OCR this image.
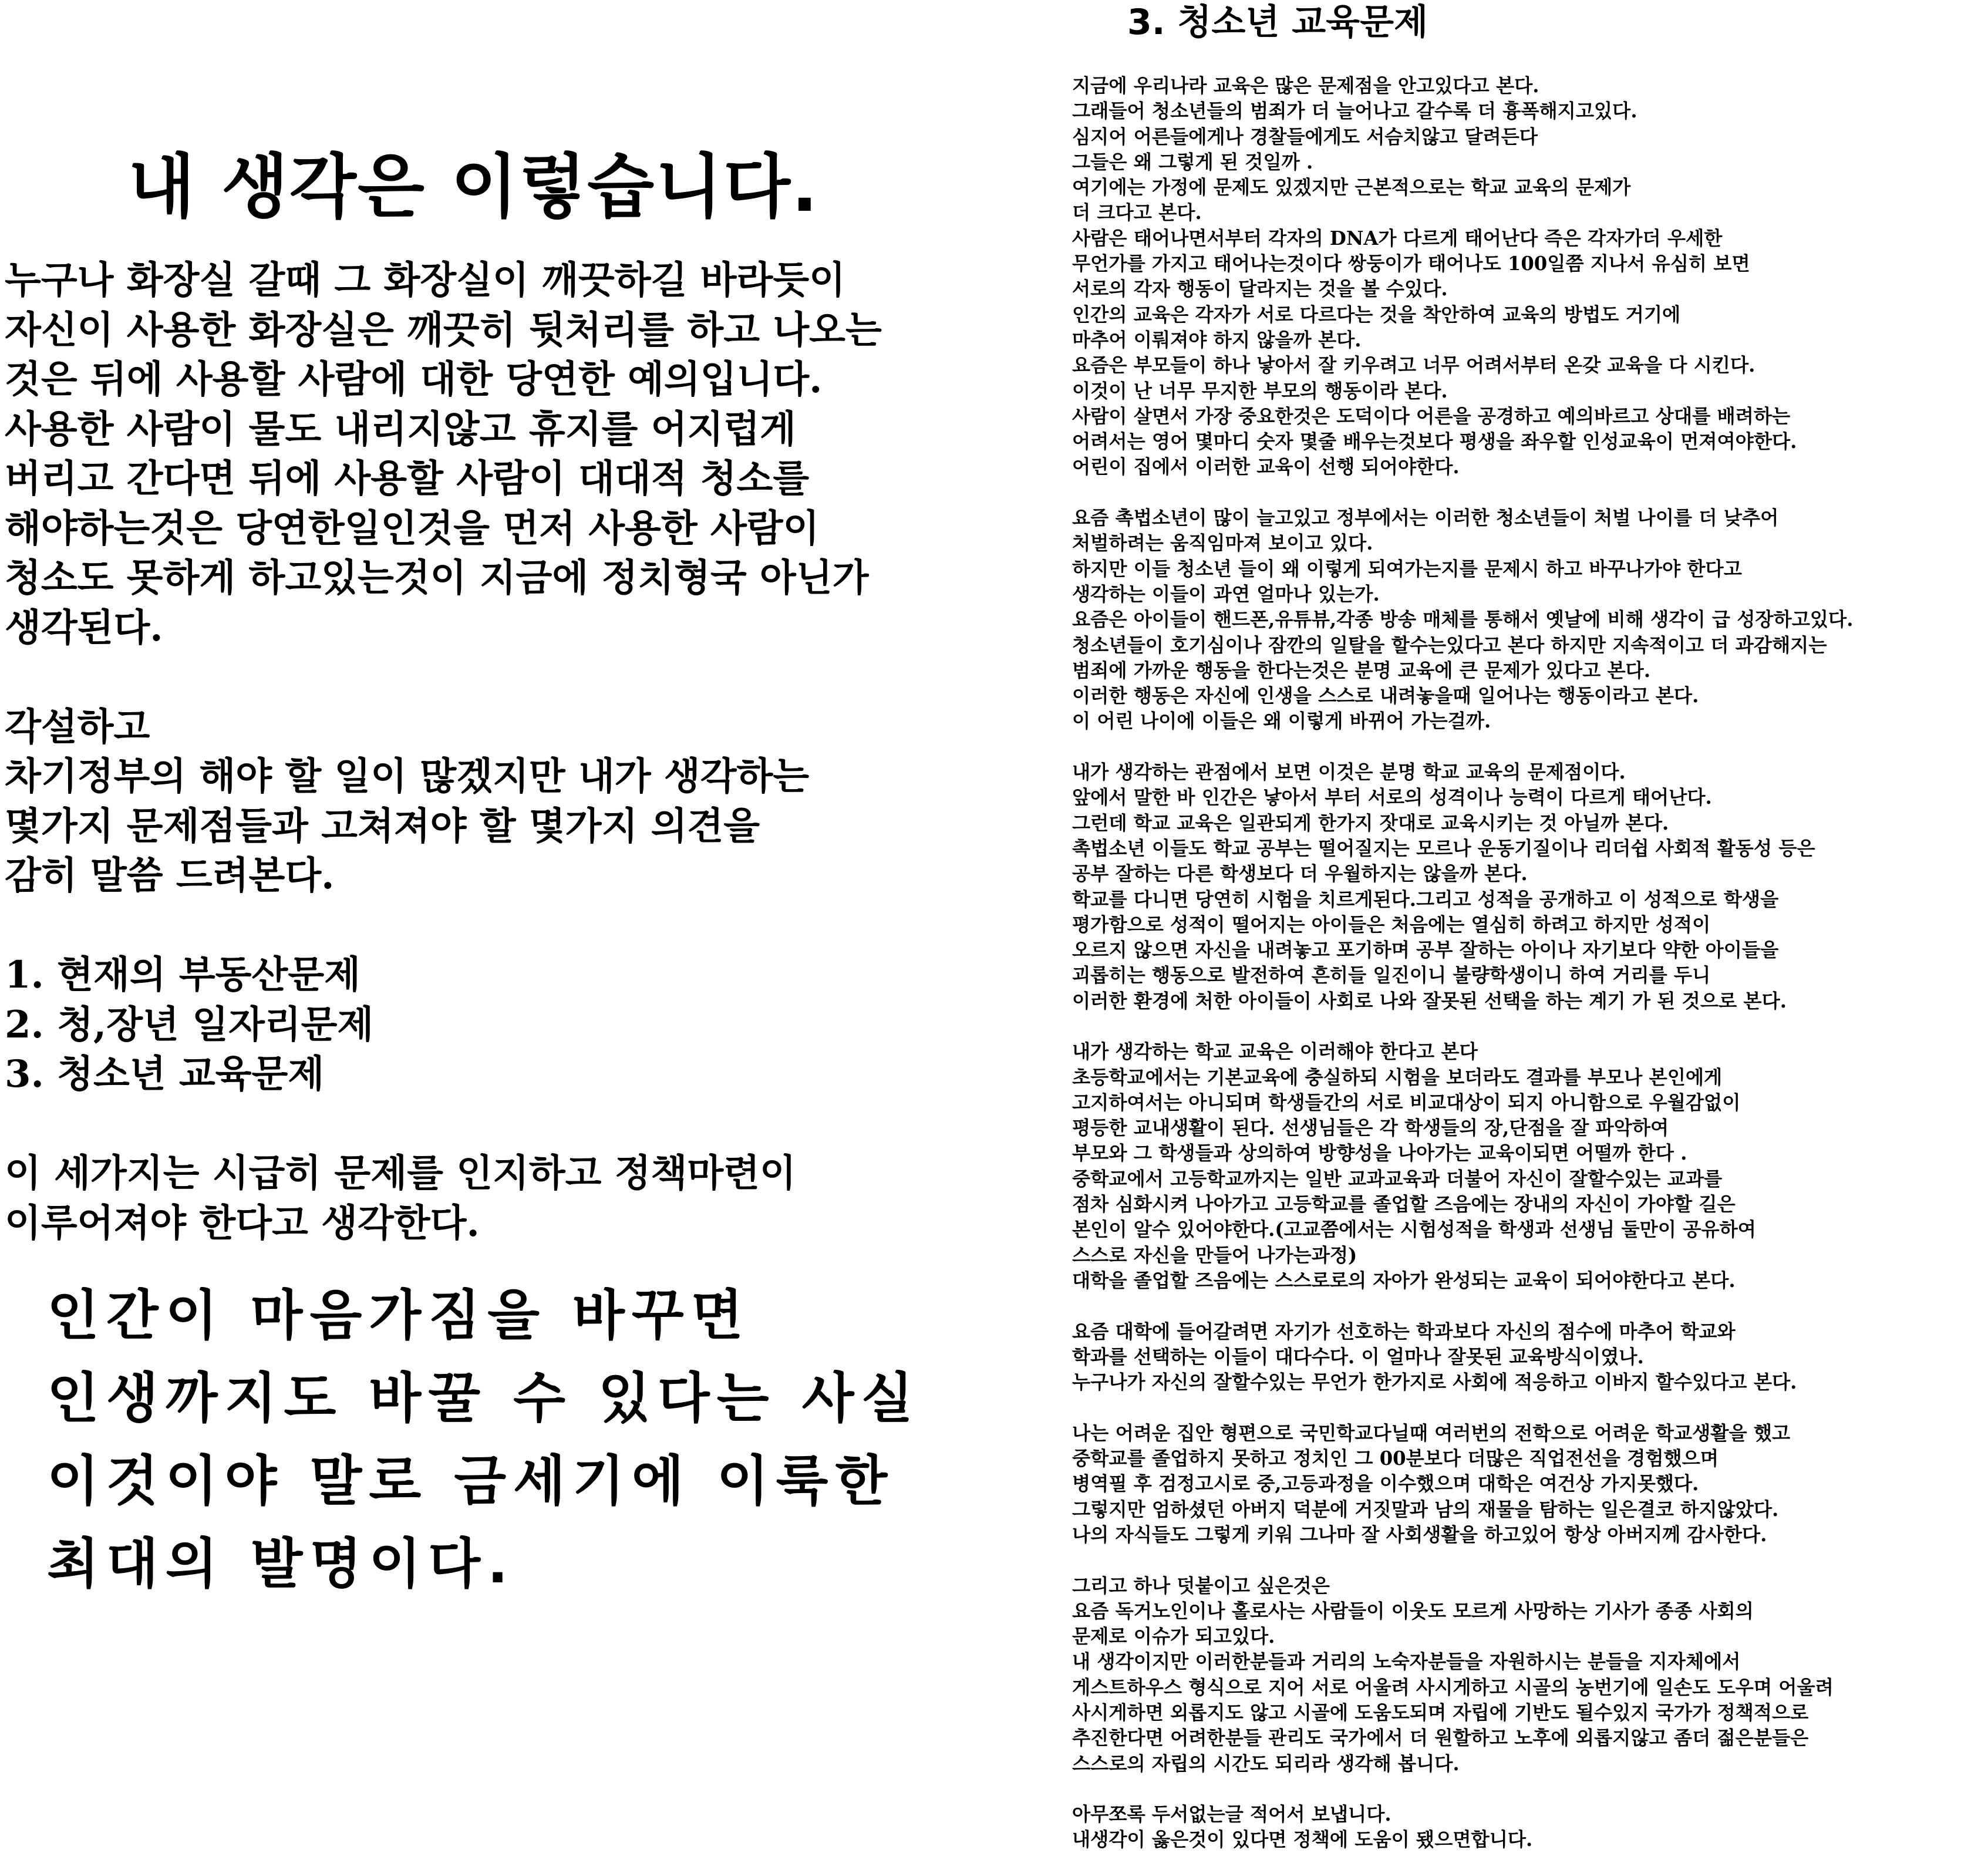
내 생각은 이렇습니다.
누구나 화장실 갈때 그 화장실이 깨끗하길 바라듯이
자신이 사용한 화장실은 깨끗히 뒷처리를 하고 나오는
것은 뒤에 사용할 사람에 대한 당연한 예의입니다.
사용한 사람이 물도 내리지않고 휴지를 어지럽게
버리고 간다면 뒤에 사용할 사람이 대대적 청소를
해야하는것은 당연한일인것을 먼저 사용한 사람이
청소도 못하게 하고있는것이 지금에 정치형국 아닌가
생각된다.
각설하고
차기정부의 해야 할 일이 많겠지만 내가 생각하는
몇가지 문제점들과 고쳐져야 할 몇가지 의견을
감히 말씀 드려본다.
1. 현재의 부동산문제
2. 청,장년 일자리문제
3. 청소년 교육문제
이 세가지는 시급히 문제를 인지하고 정책마련이
이루어져야 한다고 생각한다.
인간이 마음가짐을 바꾸면
인생까지도 바꿀 수 있다는 사실
이것이야 말로 금세기에 이룩한
최대의 발명이다.
3. 청소년 교육문제
지금에 우리나라 교육은 많은 문제점을 안고있다고 본다.
그래들어 청소년들의 범죄가 더 늘어나고 갈수록 더 흉폭해지고있다.
심지어 어른들에게나 경찰들에게도 서슴치않고 달려든다
그들은 왜 그렇게 된 것일까 .
여기에는 가정에 문제도 있겠지만 근본적으로는 학교 교육의 문제가
더 크다고 본다.
사람은 태어나면서부터 각자의 DNA가 다르게 태어난다 즉은 각자가더 우세한
무언가를 가지고 태어나는것이다 쌍둥이가 태어나도 100일쯤 지나서 유심히 보면
서로의 각자 행동이 달라지는 것을 볼 수있다.
인간의 교육은 각자가 서로 다르다는 것을 착안하여 교육의 방법도 거기에
마추어 이뤄져야 하지 않을까 본다.
요즘은 부모들이 하나 낳아서 잘 키우려고 너무 어려서부터 온갖 교육을 다 시킨다.
이것이 난 너무 무지한 부모의 행동이라 본다.
사람이 살면서 가장 중요한것은 도덕이다 어른을 공경하고 예의바르고 상대를 배려하는
어려서는 영어 몇마디 숫자 몇줄 배우는것보다 평생을 좌우할 인성교육이 먼져여야한다.
어린이 집에서 이러한 교육이 선행 되어야한다.
요즘 촉법소년이 많이 늘고있고 정부에서는 이러한 청소년들이 처벌 나이를 더 낮추어
처벌하려는 움직임마져 보이고 있다.
하지만 이들 청소년 들이 왜 이렇게 되여가는지를 문제시 하고 바꾸나가야 한다고
생각하는 이들이 과연 얼마나 있는가.
요즘은 아이들이 핸드폰,유튜뷰,각종 방송 매체를 통해서 옛날에 비해 생각이 급 성장하고있다.
청소년들이 호기심이나 잠깐의 일탈을 할수는있다고 본다 하지만 지속적이고 더 과감해지는
범죄에 가까운 행동을 한다는것은 분명 교육에 큰 문제가 있다고 본다.
이러한 행동은 자신에 인생을 스스로 내려놓을때 일어나는 행동이라고 본다.
이 어린 나이에 이들은 왜 이렇게 바뀌어 가는걸까.
내가 생각하는 관점에서 보면 이것은 분명 학교 교육의 문제점이다.
앞에서 말한 바 인간은 낳아서 부터 서로의 성격이나 능력이 다르게 태어난다.
그런데 학교 교육은 일관되게 한가지 잣대로 교육시키는 것 아닐까 본다.
촉법소년 이들도 학교 공부는 떨어질지는 모르나 운동기질이나 리더쉽 사회적 활동성 등은
공부 잘하는 다른 학생보다 더 우월하지는 않을까 본다.
학교를 다니면 당연히 시험을 치르게된다.그리고 성적을 공개하고 이 성적으로 학생을
평가함으로 성적이 떨어지는 아이들은 처음에는 열심히 하려고 하지만 성적이
오르지 않으면 자신을 내려놓고 포기하며 공부 잘하는 아이나 자기보다 약한 아이들을
괴롭히는 행동으로 발전하여 흔히들 일진이니 불량학생이니 하여 거리를 두니
이러한 환경에 처한 아이들이 사회로 나와 잘못된 선택을 하는 계기 가 된 것으로 본다.
내가 생각하는 학교 교육은 이러해야 한다고 본다
초등학교에서는 기본교육에 충실하되 시험을 보더라도 결과를 부모나 본인에게
고지하여서는 아니되며 학생들간의 서로 비교대상이 되지 아니함으로 우월감없이
평등한 교내생활이 된다. 선생님들은 각 학생들의 장,단점을 잘 파악하여
부모와 그 학생들과 상의하여 방향성을 나아가는 교육이되면 어떨까 한다 .
중학교에서 고등학교까지는 일반 교과교육과 더불어 자신이 잘할수있는 교과를
점차 심화시켜 나아가고 고등학교를 졸업할 즈음에는 장내의 자신이 가야할 길은
본인이 알수 있어야한다.(고교쯤에서는 시험성적을 학생과 선생님 둘만이 공유하여
스스로 자신을 만들어 나가는과정)
대학을 졸업할 즈음에는 스스로로의 자아가 완성되는 교육이 되어야한다고 본다.
요즘 대학에 들어갈려면 자기가 선호하는 학과보다 자신의 점수에 마추어 학교와
학과를 선택하는 이들이 대다수다. 이 얼마나 잘못된 교육방식이였나.
누구나가 자신의 잘할수있는 무언가 한가지로 사회에 적응하고 이바지 할수있다고 본다.
나는 어려운 집안 형편으로 국민학교다닐때 여러번의 전학으로 어려운 학교생활을 했고
중학교를 졸업하지 못하고 정치인 그 00분보다 더많은 직업전선을 경험했으며
병역필 후 검정고시로 중,고등과정을 이수했으며 대학은 여건상 가지못했다.
그렇지만 엄하셨던 아버지 덕분에 거짓말과 남의 재물을 탐하는 일은결코 하지않았다.
나의 자식들도 그렇게 키워 그나마 잘 사회생활을 하고있어 항상 아버지께 감사한다.
그리고 하나 덧붙이고 싶은것은
요즘 독거노인이나 홀로사는 사람들이 이웃도 모르게 사망하는 기사가 종종 사회의
문제로 이슈가 되고있다.
내 생각이지만 이러한분들과 거리의 노숙자분들을 자원하시는 분들을 지자체에서
게스트하우스 형식으로 지어 서로 어울려 사시게하고 시골의 농번기에 일손도 도우며 어울려
사시게하면 외롭지도 않고 시골에 도움도되며 자립에 기반도 될수있지 국가가 정책적으로
추진한다면 어려한분들 관리도 국가에서 더 원할하고 노후에 외롭지않고 좀더 젊은분들은
스스로의 자립의 시간도 되리라 생각해 봅니다.
아무쪼록 두서없는글 적어서 보냅니다.
내생각이 옳은것이 있다면 정책에 도움이 됐으면합니다.
